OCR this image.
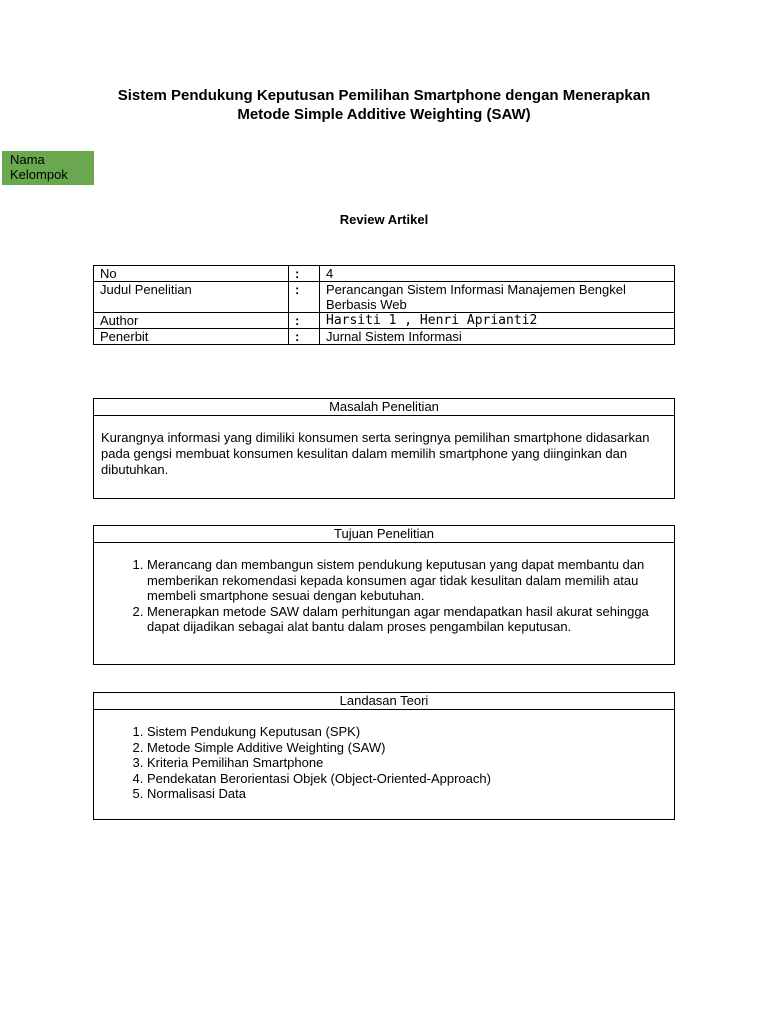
Sistem Pendukung Keputusan Pemilihan Smartphone dengan Menerapkan
Metode Simple Additive Weighting (SAW)
Nama
Kelompok
Review Artikel
No	:	4
Judul Penelitian	:	Perancangan Sistem Informasi Manajemen Bengkel Berbasis Web
Author	:	Harsiti 1 , Henri Aprianti2
Penerbit	:	Jurnal Sistem Informasi
Masalah Penelitian
Kurangnya informasi yang dimiliki konsumen serta seringnya pemilihan smartphone didasarkan pada gengsi membuat konsumen kesulitan dalam memilih smartphone yang diinginkan dan dibutuhkan.
Tujuan Penelitian
1. Merancang dan membangun sistem pendukung keputusan yang dapat membantu dan memberikan rekomendasi kepada konsumen agar tidak kesulitan dalam memilih atau membeli smartphone sesuai dengan kebutuhan.
2. Menerapkan metode SAW dalam perhitungan agar mendapatkan hasil akurat sehingga dapat dijadikan sebagai alat bantu dalam proses pengambilan keputusan.
Landasan Teori
1. Sistem Pendukung Keputusan (SPK)
2. Metode Simple Additive Weighting (SAW)
3. Kriteria Pemilihan Smartphone
4. Pendekatan Berorientasi Objek (Object-Oriented-Approach)
5. Normalisasi Data
